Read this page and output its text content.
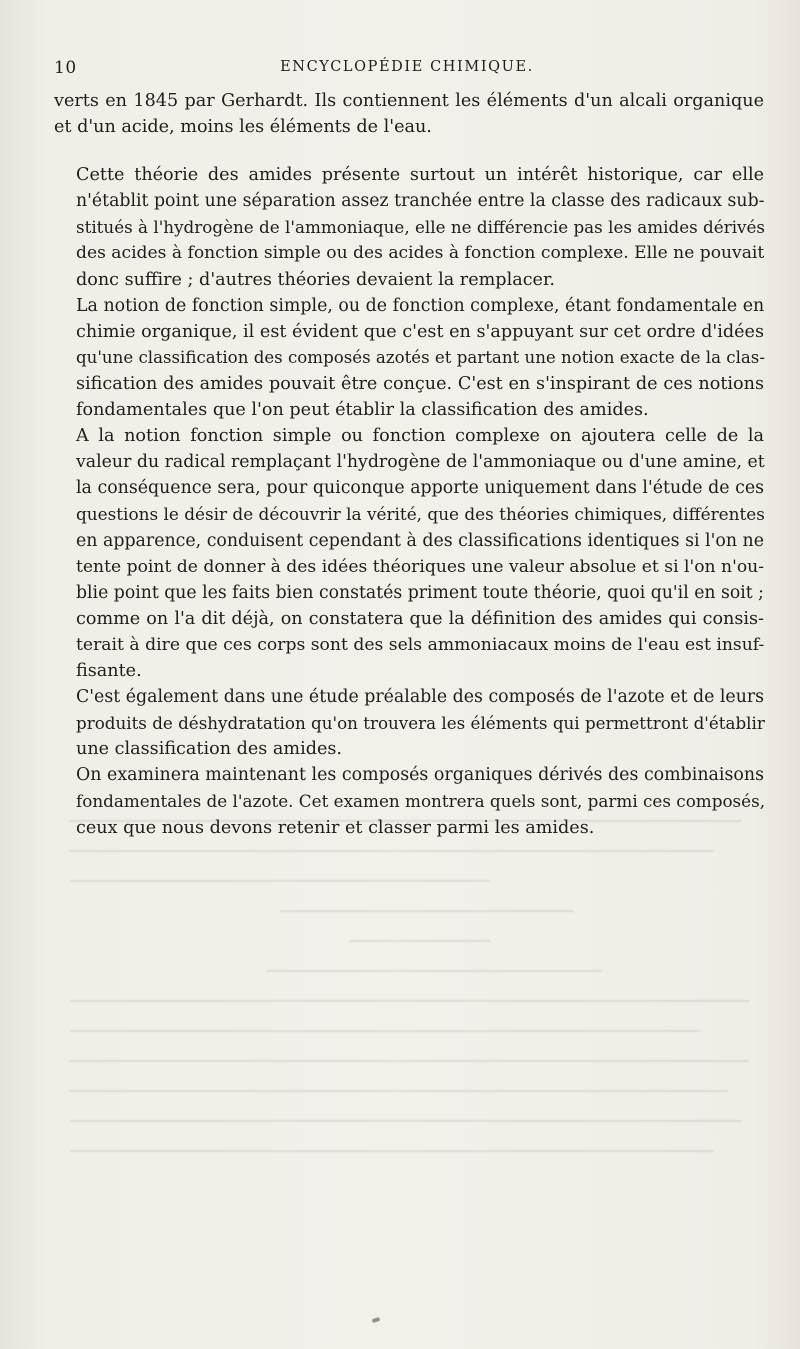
10	ENCYCLOPÉDIE CHIMIQUE.

verts en 1845 par Gerhardt. Ils contiennent les éléments d'un alcali organique
et d'un acide, moins les éléments de l'eau.

Cette théorie des amides présente surtout un intérêt historique, car elle
n'établit point une séparation assez tranchée entre la classe des radicaux sub-
stitués à l'hydrogène de l'ammoniaque, elle ne différencie pas les amides dérivés
des acides à fonction simple ou des acides à fonction complexe. Elle ne pouvait
donc suffire ; d'autres théories devaient la remplacer.

La notion de fonction simple, ou de fonction complexe, étant fondamentale en
chimie organique, il est évident que c'est en s'appuyant sur cet ordre d'idées
qu'une classification des composés azotés et partant une notion exacte de la clas-
sification des amides pouvait être conçue. C'est en s'inspirant de ces notions
fondamentales que l'on peut établir la classification des amides.

A la notion fonction simple ou fonction complexe on ajoutera celle de la
valeur du radical remplaçant l'hydrogène de l'ammoniaque ou d'une amine, et
la conséquence sera, pour quiconque apporte uniquement dans l'étude de ces
questions le désir de découvrir la vérité, que des théories chimiques, différentes
en apparence, conduisent cependant à des classifications identiques si l'on ne
tente point de donner à des idées théoriques une valeur absolue et si l'on n'ou-
blie point que les faits bien constatés priment toute théorie, quoi qu'il en soit ;
comme on l'a dit déjà, on constatera que la définition des amides qui consis-
terait à dire que ces corps sont des sels ammoniacaux moins de l'eau est insuf-
fisante.

C'est également dans une étude préalable des composés de l'azote et de leurs
produits de déshydratation qu'on trouvera les éléments qui permettront d'établir
une classification des amides.

On examinera maintenant les composés organiques dérivés des combinaisons
fondamentales de l'azote. Cet examen montrera quels sont, parmi ces composés,
ceux que nous devons retenir et classer parmi les amides.
